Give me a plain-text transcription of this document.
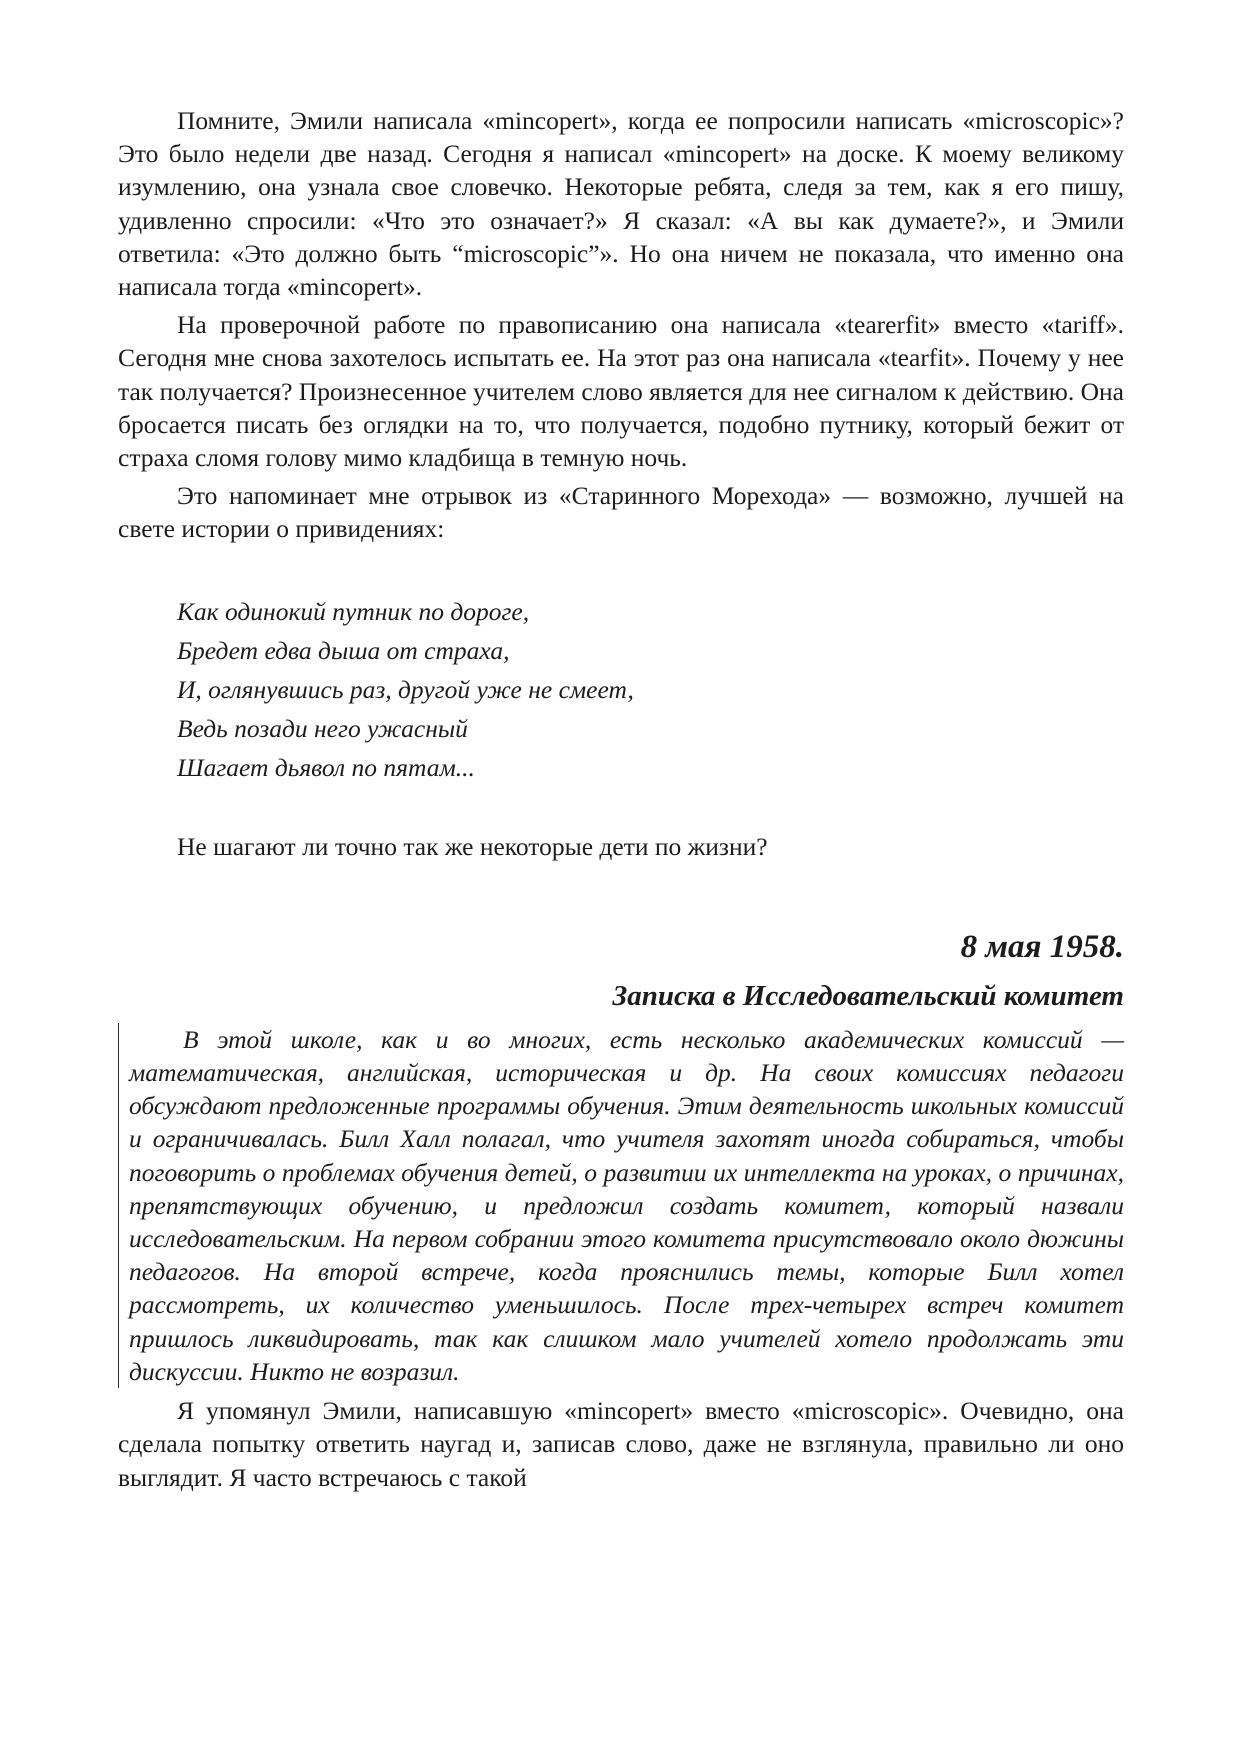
Помните, Эмили написала «mincopert», когда ее попросили написать «microscopic»? Это было недели две назад. Сегодня я написал «mincopert» на доске. К моему великому изумлению, она узнала свое словечко. Некоторые ребята, следя за тем, как я его пишу, удивленно спросили: «Что это означает?» Я сказал: «А вы как думаете?», и Эмили ответила: «Это должно быть “microscopic”». Но она ничем не показала, что именно она написала тогда «mincopert».

На проверочной работе по правописанию она написала «tearerfit» вместо «tariff». Сегодня мне снова захотелось испытать ее. На этот раз она написала «tearfit». Почему у нее так получается? Произнесенное учителем слово является для нее сигналом к действию. Она бросается писать без оглядки на то, что получается, подобно путнику, который бежит от страха сломя голову мимо кладбища в темную ночь.

Это напоминает мне отрывок из «Старинного Морехода» — возможно, лучшей на свете истории о привидениях:

Как одинокий путник по дороге,
Бредет едва дыша от страха,
И, оглянувшись раз, другой уже не смеет,
Ведь позади него ужасный
Шагает дьявол по пятам...

Не шагают ли точно так же некоторые дети по жизни?

8 мая 1958.
Записка в Исследовательский комитет

В этой школе, как и во многих, есть несколько академических комиссий — математическая, английская, историческая и др. На своих комиссиях педагоги обсуждают предложенные программы обучения. Этим деятельность школьных комиссий и ограничивалась. Билл Халл полагал, что учителя захотят иногда собираться, чтобы поговорить о проблемах обучения детей, о развитии их интеллекта на уроках, о причинах, препятствующих обучению, и предложил создать комитет, который назвали исследовательским. На первом собрании этого комитета присутствовало около дюжины педагогов. На второй встрече, когда прояснились темы, которые Билл хотел рассмотреть, их количество уменьшилось. После трех-четырех встреч комитет пришлось ликвидировать, так как слишком мало учителей хотело продолжать эти дискуссии. Никто не возразил.

Я упомянул Эмили, написавшую «mincopert» вместо «microscopic». Очевидно, она сделала попытку ответить наугад и, записав слово, даже не взглянула, правильно ли оно выглядит. Я часто встречаюсь с такой
